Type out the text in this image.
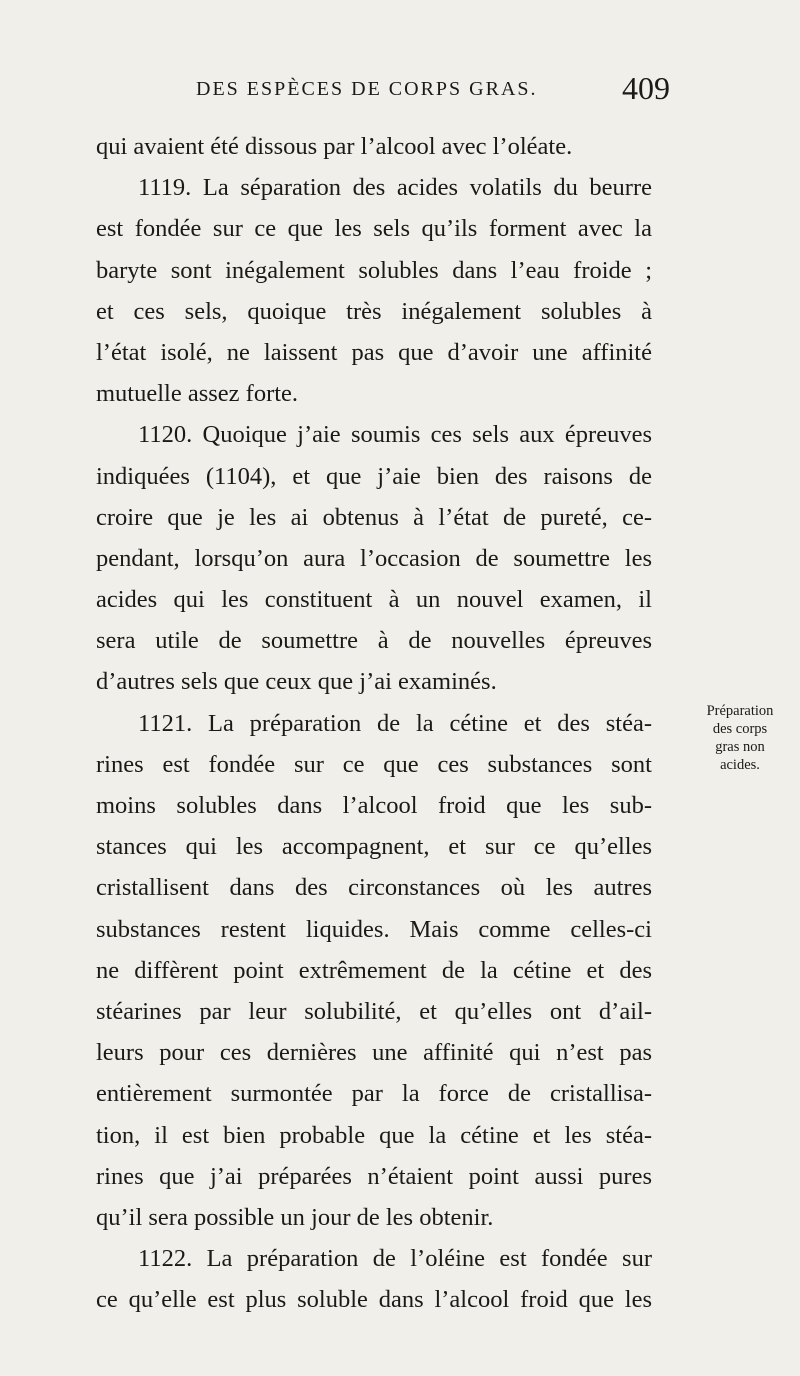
DES ESPÈCES DE CORPS GRAS.	409
qui avaient été dissous par l’alcool avec l’oléate.
1119. La séparation des acides volatils du beurre
est fondée sur ce que les sels qu’ils forment avec la
baryte sont inégalement solubles dans l’eau froide ;
et ces sels, quoique très inégalement solubles à
l’état isolé, ne laissent pas que d’avoir une affinité
mutuelle assez forte.
1120. Quoique j’aie soumis ces sels aux épreuves
indiquées (1104), et que j’aie bien des raisons de
croire que je les ai obtenus à l’état de pureté, ce-
pendant, lorsqu’on aura l’occasion de soumettre les
acides qui les constituent à un nouvel examen, il
sera utile de soumettre à de nouvelles épreuves
d’autres sels que ceux que j’ai examinés.
1121. La préparation de la cétine et des stéa-
rines est fondée sur ce que ces substances sont
moins solubles dans l’alcool froid que les sub-
stances qui les accompagnent, et sur ce qu’elles
cristallisent dans des circonstances où les autres
substances restent liquides. Mais comme celles-ci
ne diffèrent point extrêmement de la cétine et des
stéarines par leur solubilité, et qu’elles ont d’ail-
leurs pour ces dernières une affinité qui n’est pas
entièrement surmontée par la force de cristallisa-
tion, il est bien probable que la cétine et les stéa-
rines que j’ai préparées n’étaient point aussi pures
qu’il sera possible un jour de les obtenir.
1122. La préparation de l’oléine est fondée sur
ce qu’elle est plus soluble dans l’alcool froid que les
Préparation
des corps
gras non
acides.
